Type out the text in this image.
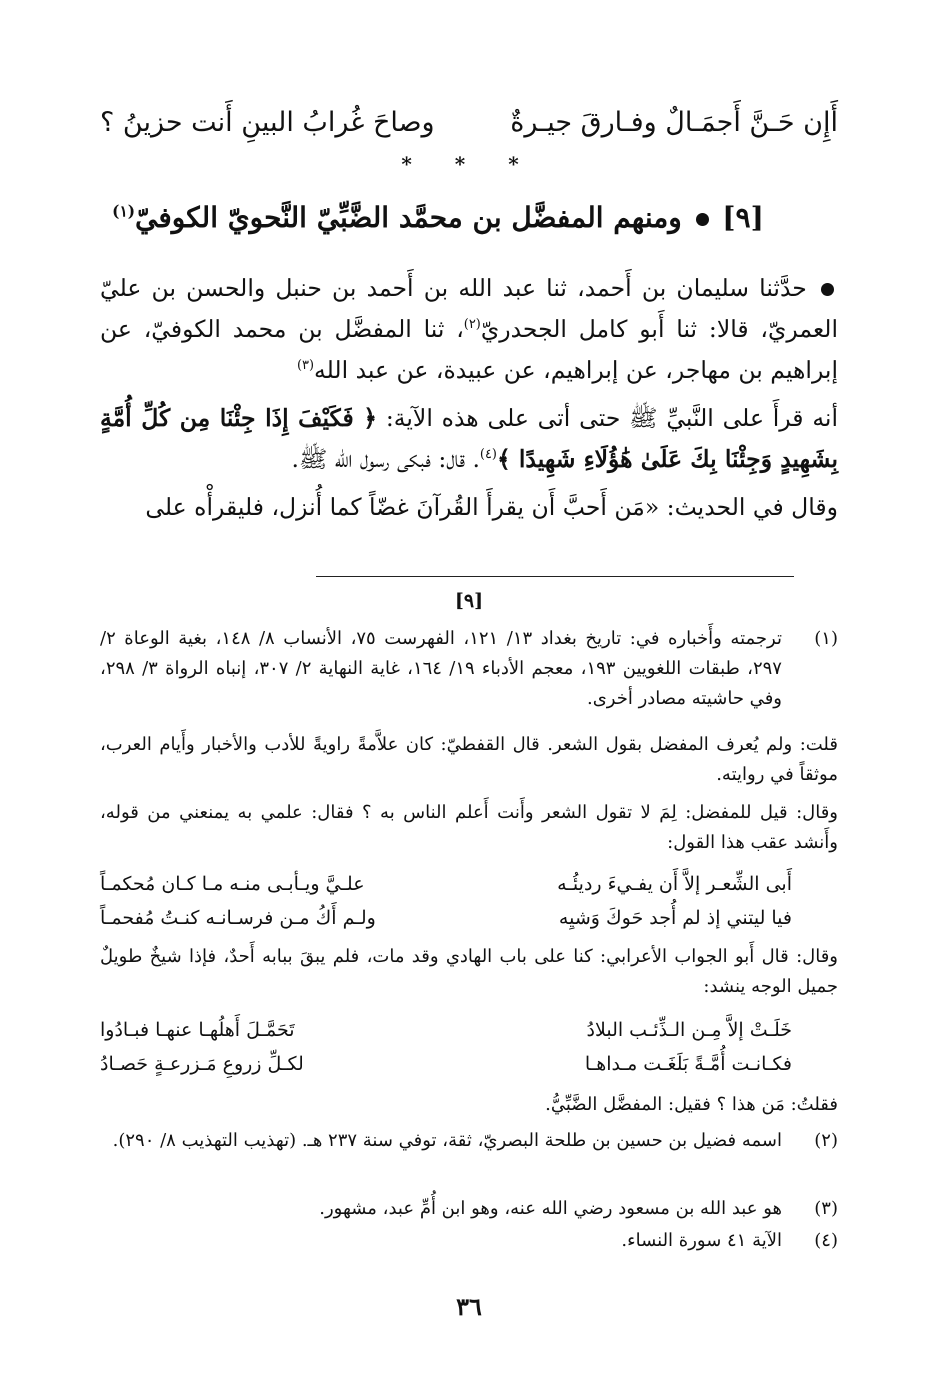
أَإِن حَـنَّ أَجمَـالٌ وفـارقَ جيـرةٌ
وصاحَ غُرابُ البينِ أَنت حزينُ ؟
* * *
[٩]  ومنهم المفضَّل بن محمَّد الضَّبِّيّ النَّحويّ الكوفيّ$^{(١)}$

حدَّثنا سليمان بن أَحمد، ثنا عبد الله بن أَحمد بن حنبل والحسن بن عليّ العمريّ، قالا: ثنا أَبو كامل الجحدريّ$^{(٢)}$، ثنا المفضَّل بن محمد الكوفيّ، عن إبراهيم بن مهاجر، عن إبراهيم، عن عبيدة، عن عبد الله$^{(٣)}$

أنه قرأَ على النَّبيِّ ﷺ حتى أتى على هذه الآية: ﴿ فَكَيْفَ إِذَا جِئْنَا مِن كُلِّ أُمَّةٍ بِشَهِيدٍ وَجِئْنَا بِكَ عَلَىٰ هَٰؤُلَاءِ شَهِيدًا ﴾$^{(٤)}$. قال: فبكى رسول الله ﷺ.

وقال في الحديث: «مَن أَحبَّ أَن يقرأَ القُرآنَ غضّاً كما أُنزل، فليقرأْه على

[٩]
(١)
ترجمته وأَخباره في: تاريخ بغداد ١٣/ ١٢١، الفهرست ٧٥، الأنساب ٨/ ١٤٨، بغية الوعاة ٢/ ٢٩٧، طبقات اللغويين ١٩٣، معجم الأدباء ١٩/ ١٦٤، غاية النهاية ٢/ ٣٠٧، إنباه الرواة ٣/ ٢٩٨، وفي حاشيته مصادر أخرى.
قلت: ولم يُعرف المفضل بقول الشعر. قال القفطيّ: كان علاَّمةً راويةً للأدب والأخبار وأَيام العرب، موثقاً في روايته.
وقال: قيل للمفضل: لِمَ لا تقول الشعر وأَنت أَعلم الناس به ؟ فقال: علمي به يمنعني من قوله، وأَنشد عقب هذا القول:
أَبى الشِّعـر إلاَّ أَن يفـيءَ رديئُـه
علـيَّ ويـأبـى منـه مـا كـان مُحكمـاً
فيا ليتني إذ لم أُجد حَوكَ وَشيِه
ولـم أَكُ مـن فرسـانـه كنـتُ مُفحمـاً
وقال: قال أَبو الجواب الأعرابي: كنا على باب الهادي وقد مات، فلم يبقَ ببابه أَحدٌ، فإذا شيخٌ طويلٌ جميل الوجه ينشد:
خَلَـتْ إلاَّ مِـن الـذِّئـب البلادُ
تَحَمَّـلَ أَهلُهـا عنهـا فبـادُوا
فكـانـت أُمَّـةً بَلَغَـت مـداهـا
لكـلِّ زروعِ مَـزرعـةٍ حَصـادُ
فقلتُ: مَن هذا ؟ فقيل: المفضَّل الضَّبِّيُّ.
(٢)
اسمه فضيل بن حسين بن طلحة البصريّ، ثقة، توفي سنة ٢٣٧ هـ. (تهذيب التهذيب ٨/ ٢٩٠).
(٣)
هو عبد الله بن مسعود رضي الله عنه، وهو ابن أُمِّ عبد، مشهور.
(٤)
الآية ٤١ سورة النساء.
٣٦
